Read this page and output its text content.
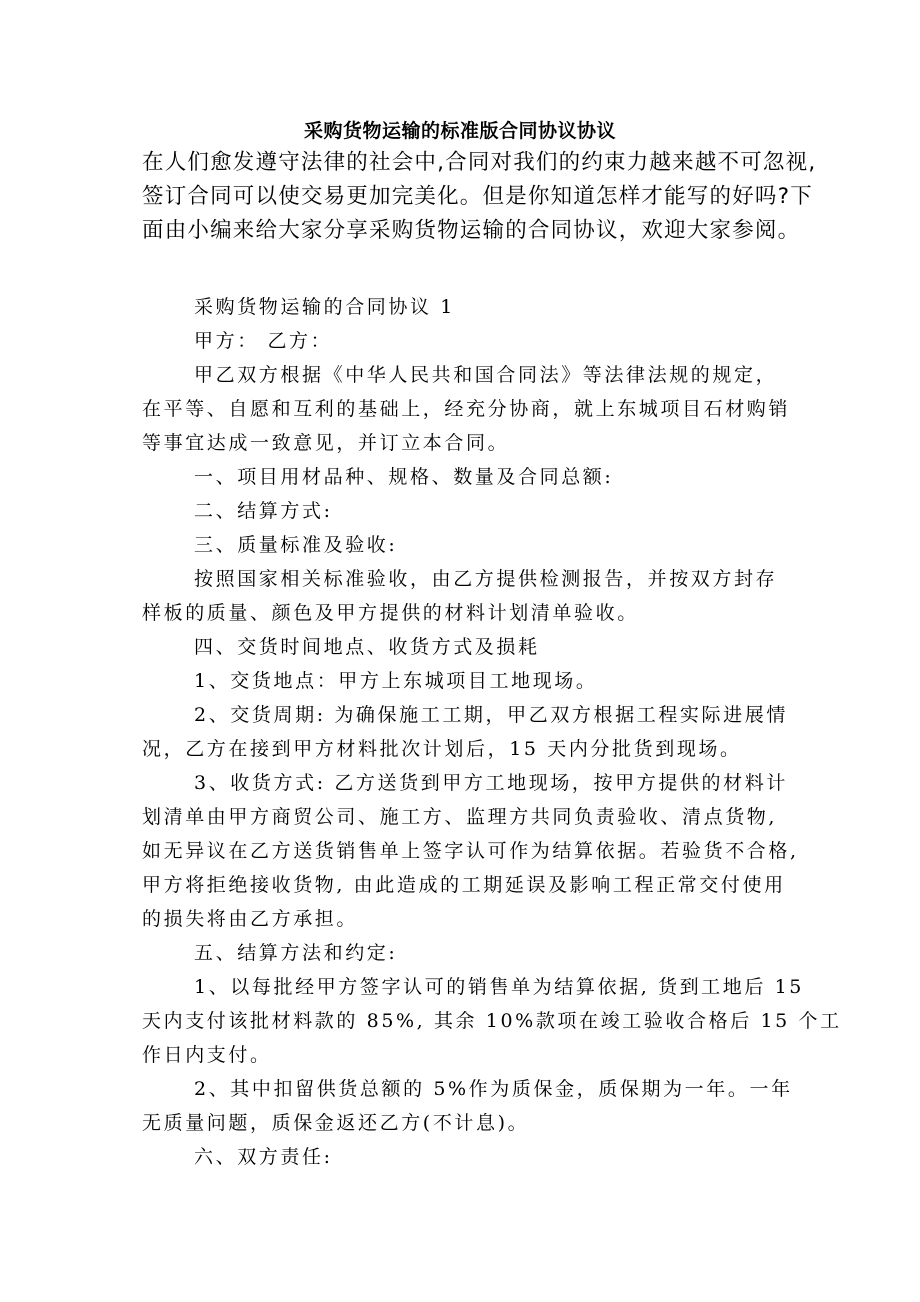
采购货物运输的标准版合同协议协议
在人们愈发遵守法律的社会中,合同对我们的约束力越来越不可忽视,
签订合同可以使交易更加完美化。但是你知道怎样才能写的好吗?下
面由小编来给大家分享采购货物运输的合同协议，欢迎大家参阅。
采购货物运输的合同协议 1
甲方： 乙方：
甲乙双方根据《中华人民共和国合同法》等法律法规的规定，
在平等、自愿和互利的基础上，经充分协商，就上东城项目石材购销
等事宜达成一致意见，并订立本合同。
一、项目用材品种、规格、数量及合同总额:
二、结算方式:
三、质量标准及验收:
按照国家相关标准验收，由乙方提供检测报告，并按双方封存
样板的质量、颜色及甲方提供的材料计划清单验收。
四、交货时间地点、收货方式及损耗
1、交货地点：甲方上东城项目工地现场。
2、交货周期: 为确保施工工期，甲乙双方根据工程实际进展情
况，乙方在接到甲方材料批次计划后，15 天内分批货到现场。
3、收货方式: 乙方送货到甲方工地现场，按甲方提供的材料计
划清单由甲方商贸公司、施工方、监理方共同负责验收、清点货物,
如无异议在乙方送货销售单上签字认可作为结算依据。若验货不合格,
甲方将拒绝接收货物, 由此造成的工期延误及影响工程正常交付使用
的损失将由乙方承担。
五、结算方法和约定:
1、以每批经甲方签字认可的销售单为结算依据, 货到工地后 15
天内支付该批材料款的 85%, 其余 10%款项在竣工验收合格后 15 个工
作日内支付。
2、其中扣留供货总额的 5%作为质保金，质保期为一年。一年
无质量问题，质保金返还乙方(不计息)。
六、双方责任:
